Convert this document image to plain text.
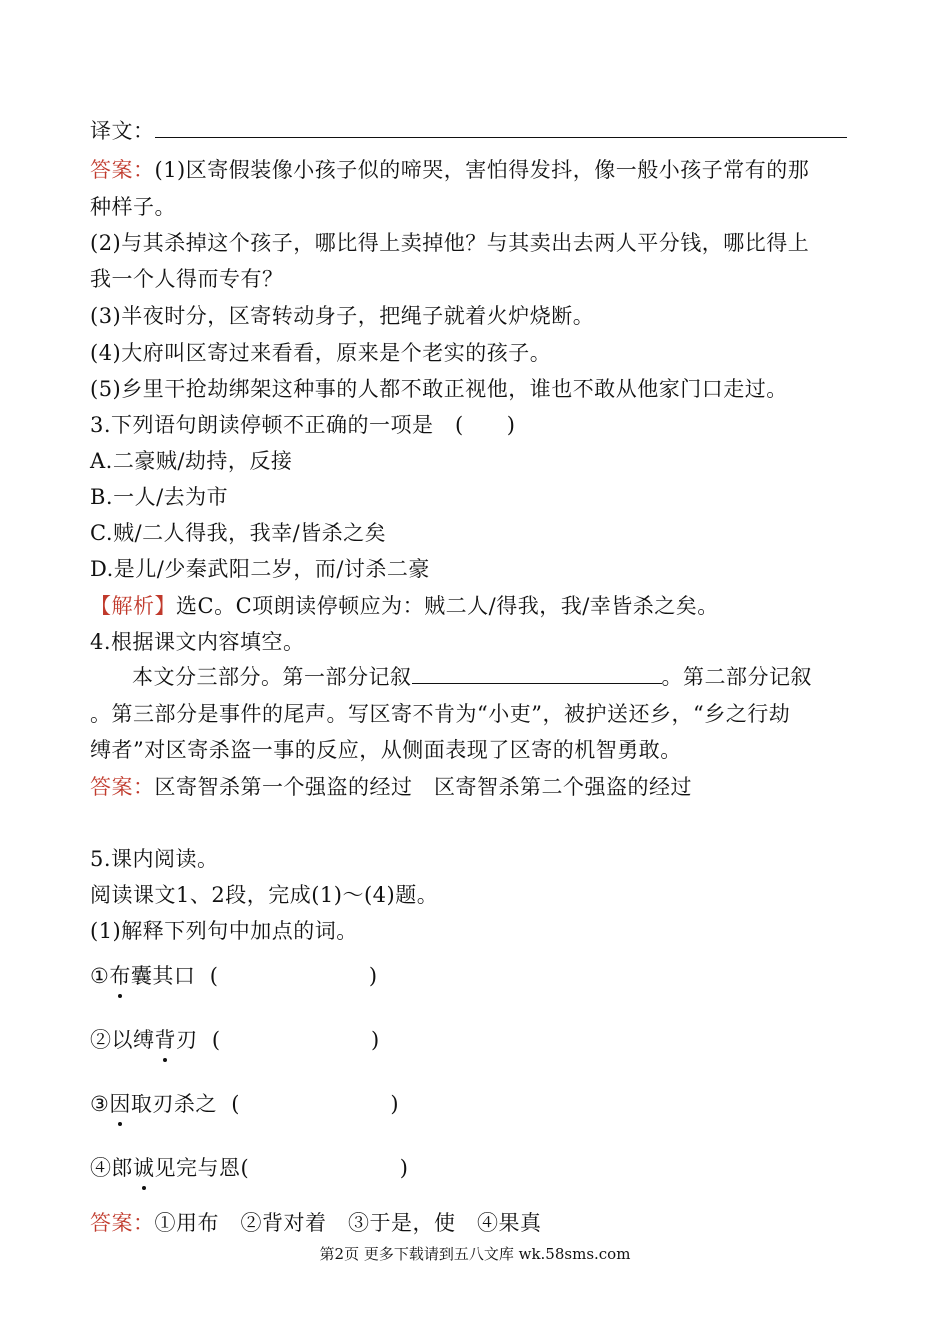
译文：
答案：(1)区寄假装像小孩子似的啼哭，害怕得发抖，像一般小孩子常有的那
种样子。
(2)与其杀掉这个孩子，哪比得上卖掉他？与其卖出去两人平分钱，哪比得上
我一个人得而专有？
(3)半夜时分，区寄转动身子，把绳子就着火炉烧断。
(4)大府叫区寄过来看看，原来是个老实的孩子。
(5)乡里干抢劫绑架这种事的人都不敢正视他，谁也不敢从他家门口走过。
3.下列语句朗读停顿不正确的一项是　(　　)
A.二豪贼/劫持，反接
B.一人/去为市
C.贼/二人得我，我幸/皆杀之矣
D.是儿/少秦武阳二岁，而/讨杀二豪
【解析】选C。C项朗读停顿应为：贼二人/得我，我/幸皆杀之矣。
4.根据课文内容填空。
本文分三部分。第一部分记叙	。第二部分记叙
。第三部分是事件的尾声。写区寄不肯为“小吏”，被护送还乡，“乡之行劫
缚者”对区寄杀盗一事的反应，从侧面表现了区寄的机智勇敢。
答案：区寄智杀第一个强盗的经过　区寄智杀第二个强盗的经过
5.课内阅读。
阅读课文1、2段，完成(1)～(4)题。
(1)解释下列句中加点的词。
①布囊其口 (　　　　　　　)
②以缚背刃 (　　　　　　　)
③因取刃杀之 (　　　　　　　)
④郎诚见完与恩(　　　　　　　)
答案：①用布　②背对着　③于是，使　④果真
第2页 更多下载请到五八文库 wk.58sms.com
